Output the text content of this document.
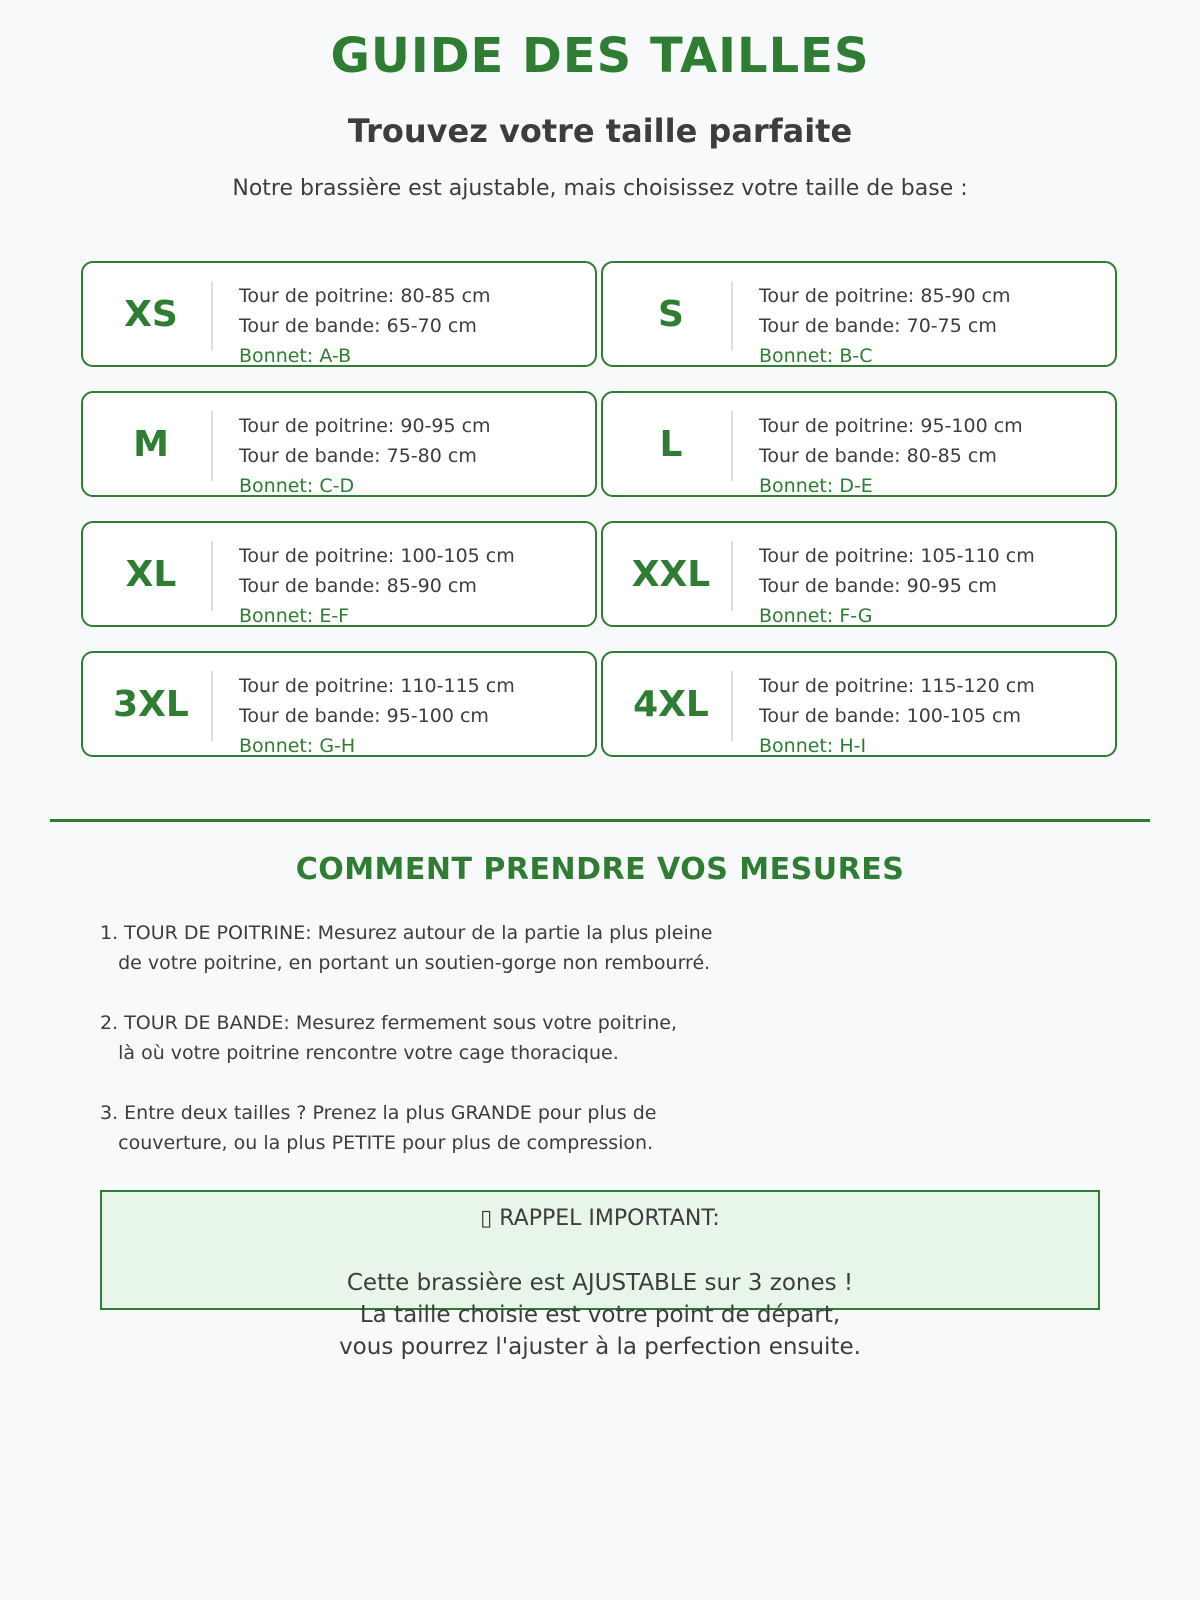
GUIDE DES TAILLES
Trouvez votre taille parfaite
Notre brassière est ajustable, mais choisissez votre taille de base :
XS	Tour de poitrine: 80-85 cm
Tour de bande: 65-70 cm
Bonnet: A-B
S	Tour de poitrine: 85-90 cm
Tour de bande: 70-75 cm
Bonnet: B-C
M	Tour de poitrine: 90-95 cm
Tour de bande: 75-80 cm
Bonnet: C-D
L	Tour de poitrine: 95-100 cm
Tour de bande: 80-85 cm
Bonnet: D-E
XL	Tour de poitrine: 100-105 cm
Tour de bande: 85-90 cm
Bonnet: E-F
XXL	Tour de poitrine: 105-110 cm
Tour de bande: 90-95 cm
Bonnet: F-G
3XL	Tour de poitrine: 110-115 cm
Tour de bande: 95-100 cm
Bonnet: G-H
4XL	Tour de poitrine: 115-120 cm
Tour de bande: 100-105 cm
Bonnet: H-I
COMMENT PRENDRE VOS MESURES
1. TOUR DE POITRINE: Mesurez autour de la partie la plus pleine
de votre poitrine, en portant un soutien-gorge non rembourré.
2. TOUR DE BANDE: Mesurez fermement sous votre poitrine,
là où votre poitrine rencontre votre cage thoracique.
3. Entre deux tailles ? Prenez la plus GRANDE pour plus de
couverture, ou la plus PETITE pour plus de compression.
▯ RAPPEL IMPORTANT:
Cette brassière est AJUSTABLE sur 3 zones !
La taille choisie est votre point de départ,
vous pourrez l'ajuster à la perfection ensuite.
